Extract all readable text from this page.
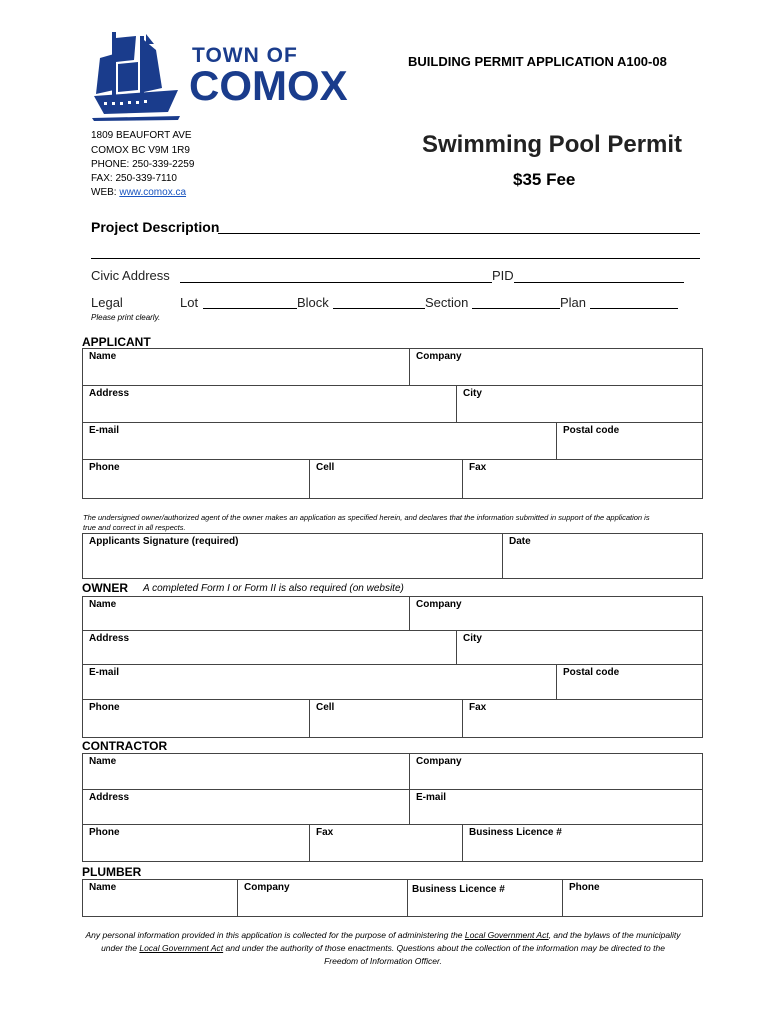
TOWN OF
COMOX
BUILDING PERMIT APPLICATION A100-08
1809 BEAUFORT AVE
COMOX BC V9M 1R9
PHONE: 250-339-2259
FAX: 250-339-7110
WEB: www.comox.ca
Swimming Pool Permit
$35 Fee
Project Description
Civic Address	PID
Legal	Lot	Block	Section	Plan
Please print clearly.
APPLICANT
Name	Company
Address	City
E-mail	Postal code
Phone	Cell	Fax
The undersigned owner/authorized agent of the owner makes an application as specified herein, and declares that the information submitted in support of the application is true and correct in all respects.
Applicants Signature (required)	Date
OWNER A completed Form I or Form II is also required (on website)
Name	Company
Address	City
E-mail	Postal code
Phone	Cell	Fax
CONTRACTOR
Name	Company
Address	E-mail
Phone	Fax	Business Licence #
PLUMBER
Name	Company	Business Licence #	Phone
Any personal information provided in this application is collected for the purpose of administering the Local Government Act, and the bylaws of the municipality under the Local Government Act and under the authority of those enactments. Questions about the collection of the information may be directed to the Freedom of Information Officer.
